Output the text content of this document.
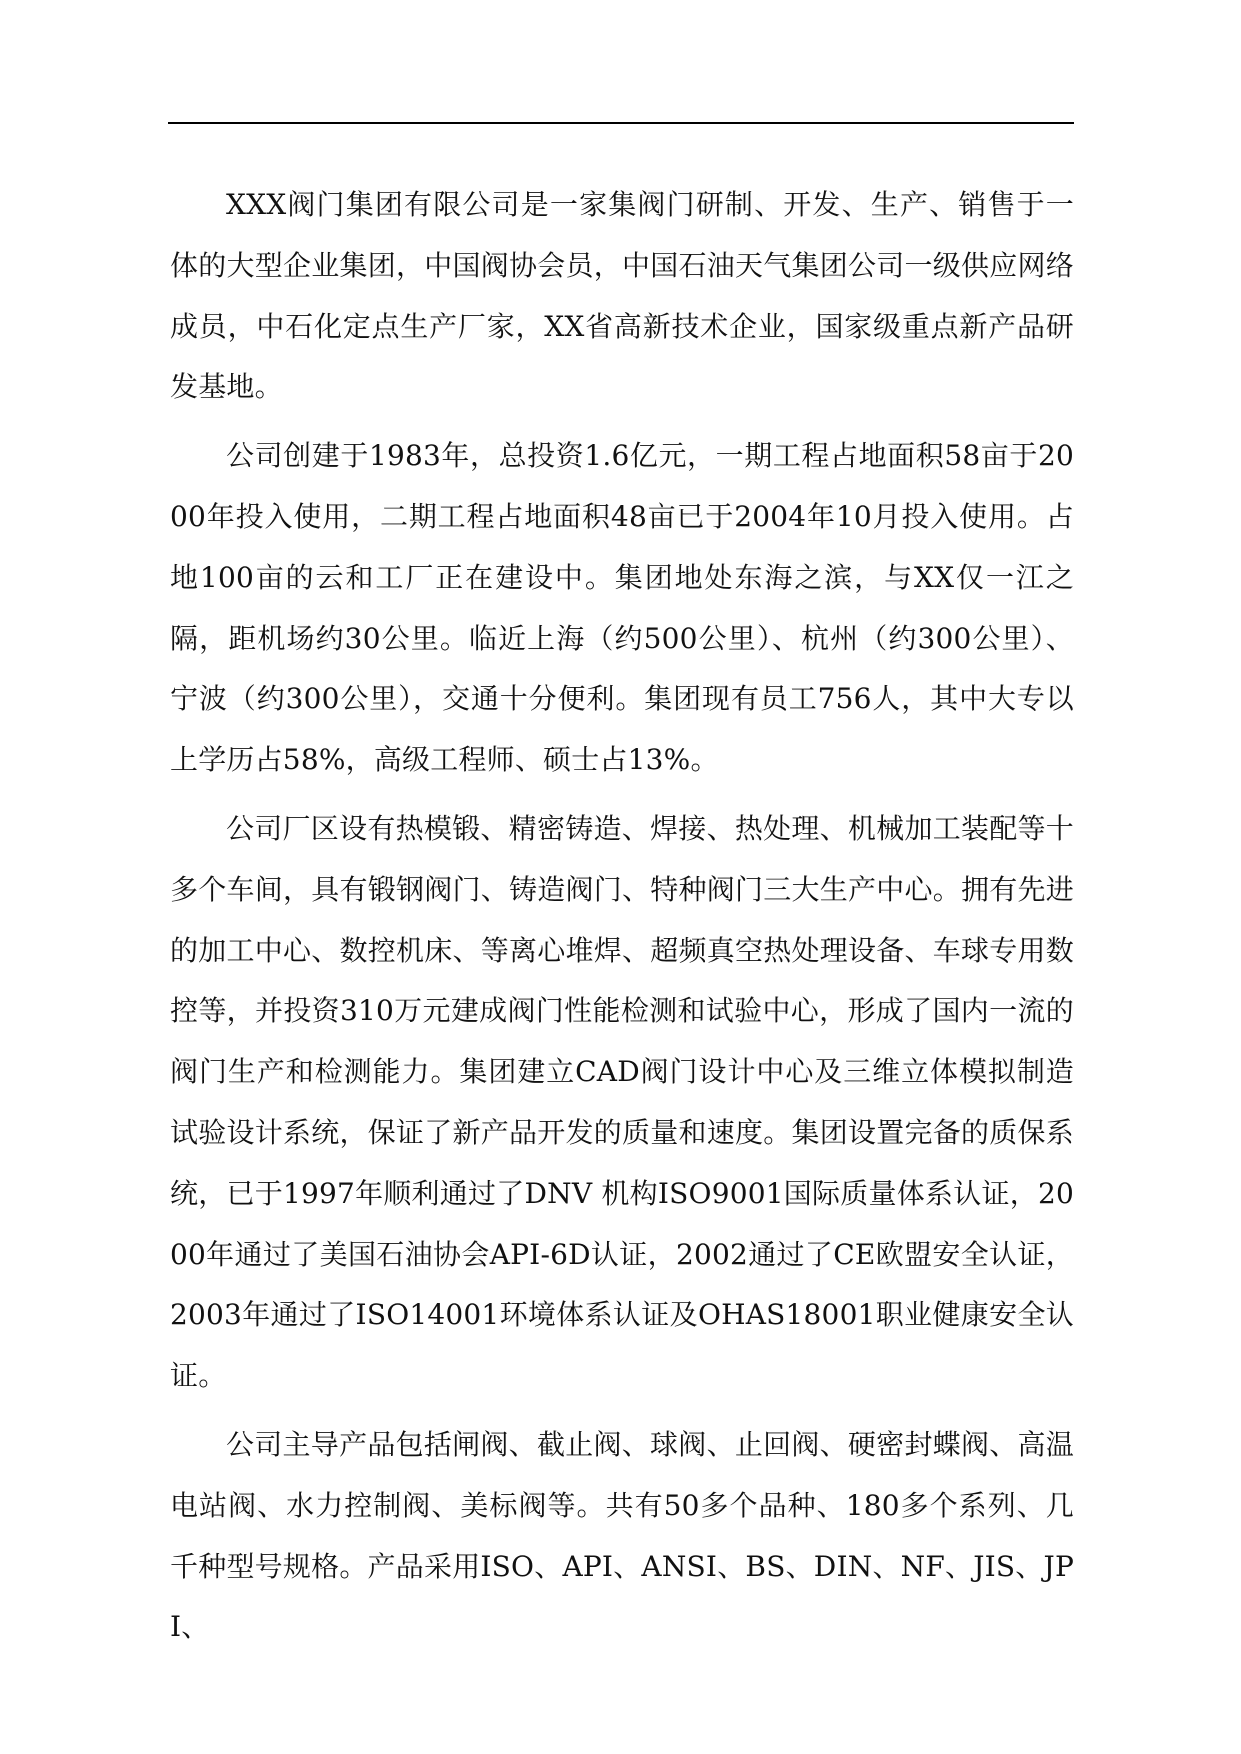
XXX阀门集团有限公司是一家集阀门研制、开发、生产、销售于一体的大型企业集团，中国阀协会员，中国石油天气集团公司一级供应网络成员，中石化定点生产厂家，XX省高新技术企业，国家级重点新产品研发基地。

公司创建于1983年，总投资1.6亿元，一期工程占地面积58亩于2000年投入使用，二期工程占地面积48亩已于2004年10月投入使用。占地100亩的云和工厂正在建设中。集团地处东海之滨，与XX仅一江之隔，距机场约30公里。临近上海（约500公里）、杭州（约300公里）、宁波（约300公里），交通十分便利。集团现有员工756人，其中大专以上学历占58%，高级工程师、硕士占13%。

公司厂区设有热模锻、精密铸造、焊接、热处理、机械加工装配等十多个车间，具有锻钢阀门、铸造阀门、特种阀门三大生产中心。拥有先进的加工中心、数控机床、等离心堆焊、超频真空热处理设备、车球专用数控等，并投资310万元建成阀门性能检测和试验中心，形成了国内一流的阀门生产和检测能力。集团建立CAD阀门设计中心及三维立体模拟制造试验设计系统，保证了新产品开发的质量和速度。集团设置完备的质保系统，已于1997年顺利通过了DNV 机构ISO9001国际质量体系认证，2000年通过了美国石油协会API-6D认证，2002通过了CE欧盟安全认证，2003年通过了ISO14001环境体系认证及OHAS18001职业健康安全认证。

公司主导产品包括闸阀、截止阀、球阀、止回阀、硬密封蝶阀、高温电站阀、水力控制阀、美标阀等。共有50多个品种、180多个系列、几千种型号规格。产品采用ISO、API、ANSI、BS、DIN、NF、JIS、JPI、
